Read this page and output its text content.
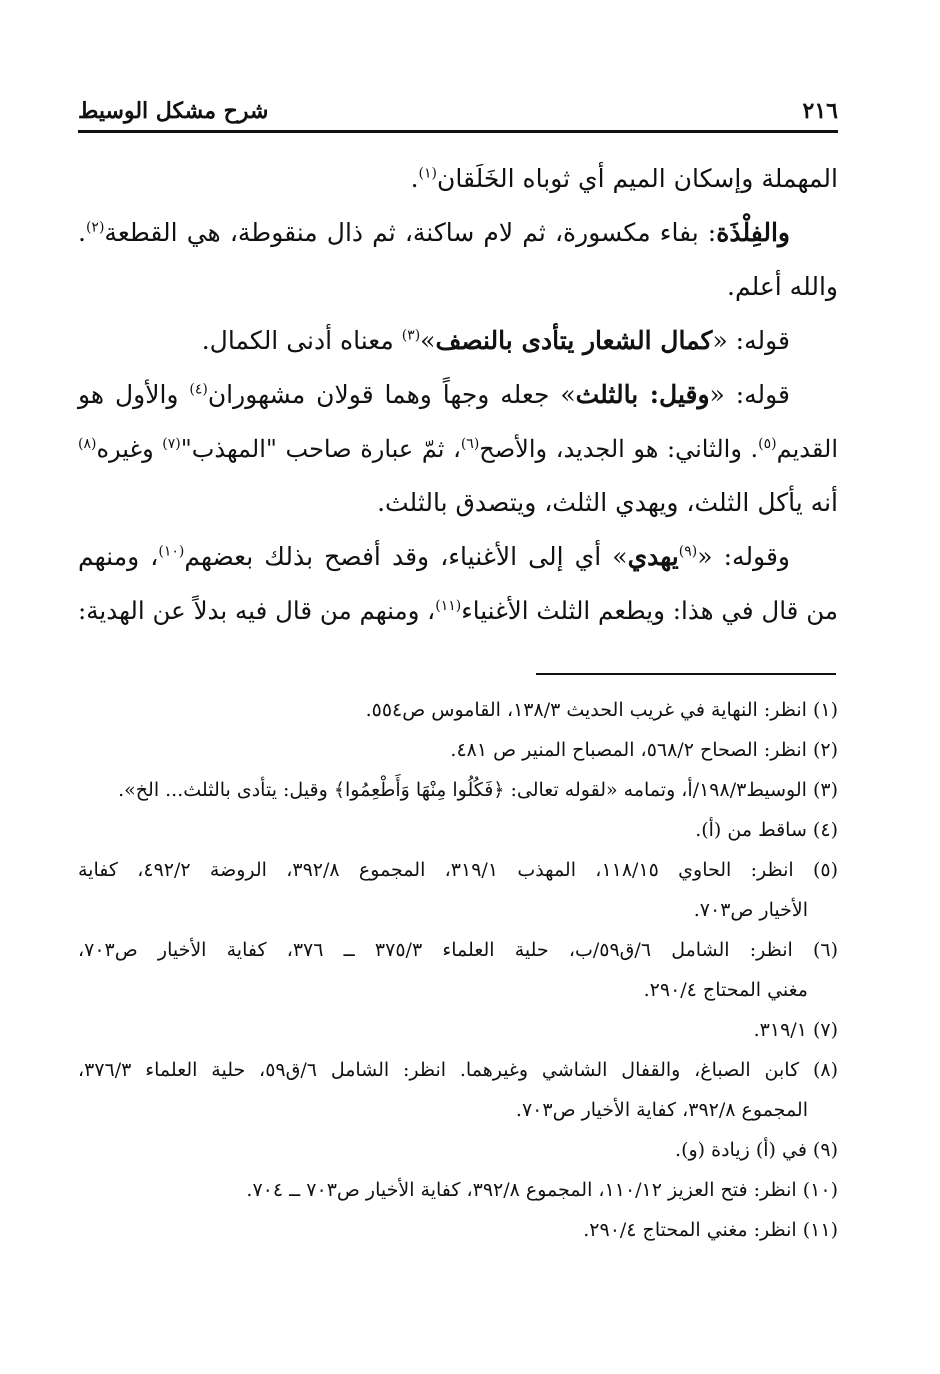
٢١٦
شرح مشكل الوسيط
المهملة وإسكان الميم أي ثوباه الخَلَقان$^{(١)}$.
والفِلْذَة: بفاء مكسورة، ثم لام ساكنة، ثم ذال منقوطة، هي القطعة$^{(٢)}$.
والله أعلم.
قوله: «كمال الشعار يتأدى بالنصف»$^{(٣)}$ معناه أدنى الكمال.
قوله: «وقيل: بالثلث» جعله وجهاً وهما قولان مشهوران$^{(٤)}$ والأول هو
القديم$^{(٥)}$. والثاني: هو الجديد، والأصح$^{(٦)}$، ثمّ عبارة صاحب "المهذب"$^{(٧)}$ وغيره$^{(٨)}$
أنه يأكل الثلث، ويهدي الثلث، ويتصدق بالثلث.
وقوله: «$^{(٩)}$يهدي» أي إلى الأغنياء، وقد أفصح بذلك بعضهم$^{(١٠)}$، ومنهم
من قال في هذا: ويطعم الثلث الأغنياء$^{(١١)}$، ومنهم من قال فيه بدلاً عن الهدية:
(١) انظر: النهاية في غريب الحديث ١٣٨/٣، القاموس ص٥٥٤.
(٢) انظر: الصحاح ٥٦٨/٢، المصباح المنير ص ٤٨١.
(٣) الوسيط١٩٨/٣/أ، وتمامه «لقوله تعالى: ﴿فَكُلُوا مِنْهَا وَأَطْعِمُوا﴾ وقيل: يتأدى بالثلث... الخ».
(٤) ساقط من (أ).
(٥) انظر: الحاوي ١١٨/١٥، المهذب ٣١٩/١، المجموع ٣٩٢/٨، الروضة ٤٩٢/٢، كفاية
الأخيار ص٧٠٣.
(٦) انظر: الشامل ٦/ق٥٩/ب، حلية العلماء ٣٧٥/٣ ــ ٣٧٦، كفاية الأخيار ص٧٠٣،
مغني المحتاج ٢٩٠/٤.
(٧) ٣١٩/١.
(٨) كابن الصباغ، والقفال الشاشي وغيرهما. انظر: الشامل ٦/ق٥٩، حلية العلماء ٣٧٦/٣،
المجموع ٣٩٢/٨، كفاية الأخيار ص٧٠٣.
(٩) في (أ) زيادة (و).
(١٠) انظر: فتح العزيز ١١٠/١٢، المجموع ٣٩٢/٨، كفاية الأخيار ص٧٠٣ ــ ٧٠٤.
(١١) انظر: مغني المحتاج ٢٩٠/٤.
